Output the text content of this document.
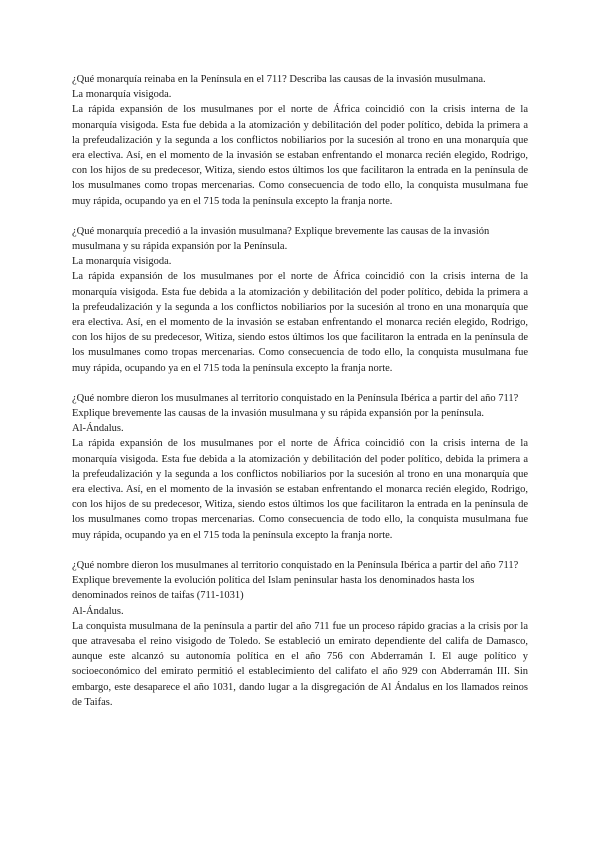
¿Qué monarquía reinaba en la Península en el 711? Describa las causas de la invasión musulmana.

La monarquía visigoda.

La rápida expansión de los musulmanes por el norte de África coincidió con la crisis interna de la monarquía visigoda. Esta fue debida a la atomización y debilitación del poder político, debida la primera a la prefeudalización y la segunda a los conflictos nobiliarios por la sucesión al trono en una monarquía que era electiva. Así, en el momento de la invasión se estaban enfrentando el monarca recién elegido, Rodrigo, con los hijos de su predecesor, Witiza, siendo estos últimos los que facilitaron la entrada en la península de los musulmanes como tropas mercenarias. Como consecuencia de todo ello, la conquista musulmana fue muy rápida, ocupando ya en el 715 toda la península excepto la franja norte.

¿Qué monarquía precedió a la invasión musulmana? Explique brevemente las causas de la invasión musulmana y su rápida expansión por la Península.

La monarquía visigoda.

La rápida expansión de los musulmanes por el norte de África coincidió con la crisis interna de la monarquía visigoda. Esta fue debida a la atomización y debilitación del poder político, debida la primera a la prefeudalización y la segunda a los conflictos nobiliarios por la sucesión al trono en una monarquía que era electiva. Así, en el momento de la invasión se estaban enfrentando el monarca recién elegido, Rodrigo, con los hijos de su predecesor, Witiza, siendo estos últimos los que facilitaron la entrada en la península de los musulmanes como tropas mercenarias. Como consecuencia de todo ello, la conquista musulmana fue muy rápida, ocupando ya en el 715 toda la península excepto la franja norte.

¿Qué nombre dieron los musulmanes al territorio conquistado en la Península Ibérica a partir del año 711? Explique brevemente las causas de la invasión musulmana y su rápida expansión por la península.

Al-Ándalus.

La rápida expansión de los musulmanes por el norte de África coincidió con la crisis interna de la monarquía visigoda. Esta fue debida a la atomización y debilitación del poder político, debida la primera a la prefeudalización y la segunda a los conflictos nobiliarios por la sucesión al trono en una monarquía que era electiva. Así, en el momento de la invasión se estaban enfrentando el monarca recién elegido, Rodrigo, con los hijos de su predecesor, Witiza, siendo estos últimos los que facilitaron la entrada en la península de los musulmanes como tropas mercenarias. Como consecuencia de todo ello, la conquista musulmana fue muy rápida, ocupando ya en el 715 toda la península excepto la franja norte.

¿Qué nombre dieron los musulmanes al territorio conquistado en la Península Ibérica a partir del año 711? Explique brevemente la evolución política del Islam peninsular hasta los denominados hasta los denominados reinos de taifas (711-1031)

Al-Ándalus.

La conquista musulmana de la península a partir del año 711 fue un proceso rápido gracias a la crisis por la que atravesaba el reino visigodo de Toledo. Se estableció un emirato dependiente del califa de Damasco, aunque este alcanzó su autonomía política en el año 756 con Abderramán I. El auge político y socioeconómico del emirato permitió el establecimiento del califato el año 929 con Abderramán III. Sin embargo, este desaparece el año 1031, dando lugar a la disgregación de Al Ándalus en los llamados reinos de Taifas.
